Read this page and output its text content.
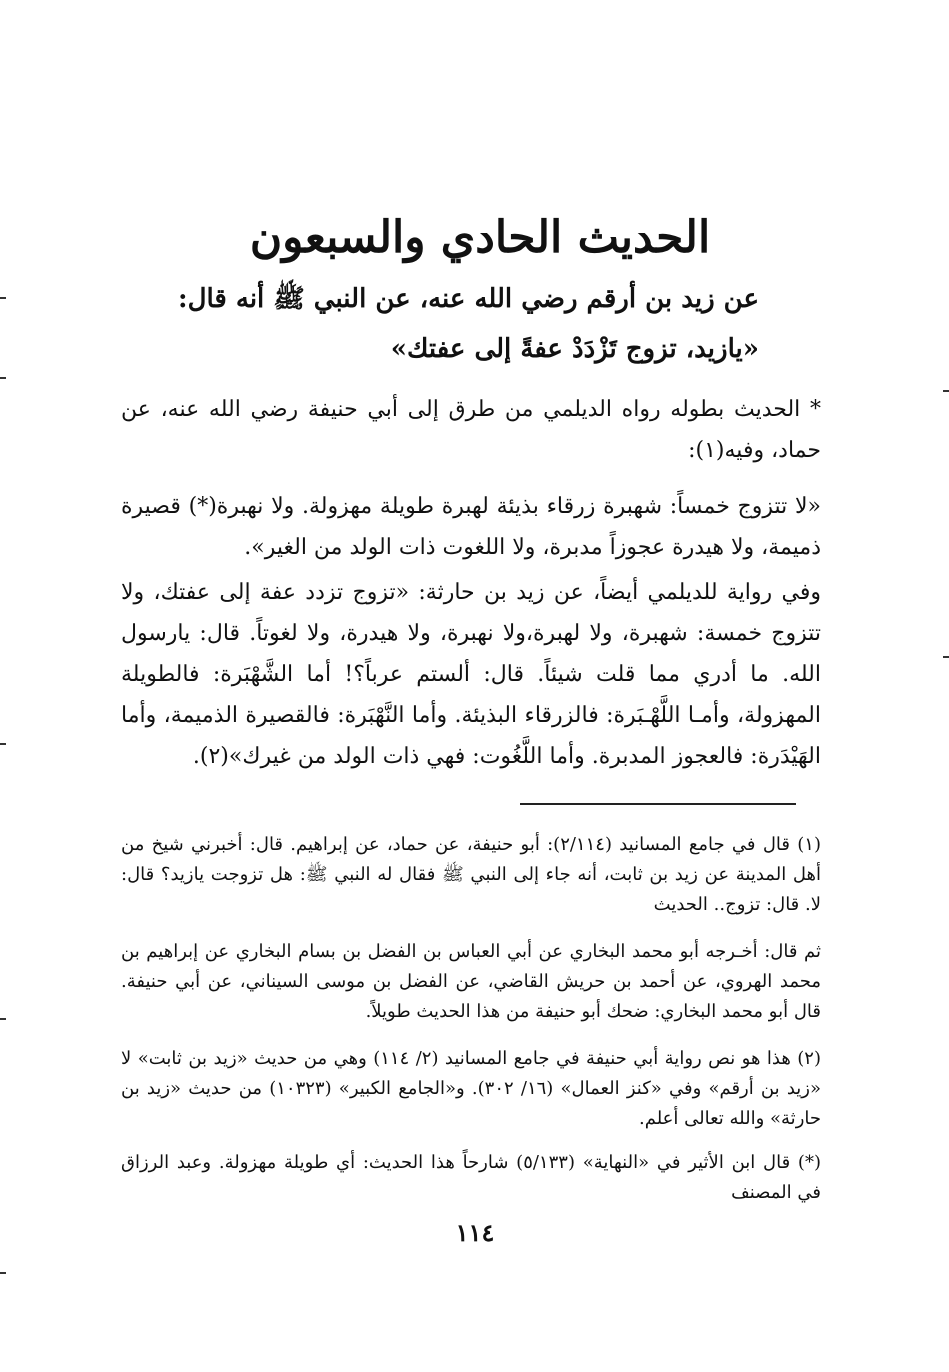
الحديث الحادي والسبعون
عن زيد بن أرقم رضي الله عنه، عن النبي ﷺ أنه قال:
«يازيد، تزوج تَزْدَدْ عفةً إلى عفتك»
* الحديث بطوله رواه الديلمي من طرق إلى أبي حنيفة رضي الله عنه، عن حماد، وفيه(١):
«لا تتزوج خمساً: شهبرة زرقاء بذيئة لهبرة طويلة مهزولة. ولا نهبرة(*) قصيرة ذميمة، ولا هيدرة عجوزاً مدبرة، ولا اللغوت ذات الولد من الغير».
وفي رواية للديلمي أيضاً، عن زيد بن حارثة: «تزوج تزدد عفة إلى عفتك، ولا تتزوج خمسة: شهبرة، ولا لهبرة،ولا نهبرة، ولا هيدرة، ولا لغوتاً. قال: يارسول الله. ما أدري مما قلت شيئاً. قال: ألستم عرباً؟! أما الشَّهْبَرة: فالطويلة المهزولة، وأمـا اللَّهْـبَرة: فالزرقاء البذيئة. وأما النَّهْبَرة: فالقصيرة الذميمة، وأما الهَيْدَرة: فالعجوز المدبرة. وأما اللَّغُوت: فهي ذات الولد من غيرك»(٢).
(١) قال في جامع المسانيد (٢/١١٤): أبو حنيفة، عن حماد، عن إبراهيم. قال: أخبرني شيخ من أهل المدينة عن زيد بن ثابت، أنه جاء إلى النبي ﷺ فقال له النبي ﷺ: هل تزوجت يازيد؟ قال: لا. قال: تزوج.. الحديث
ثم قال: أخـرجه أبو محمد البخاري عن أبي العباس بن الفضل بن بسام البخاري عن إبراهيم بن محمد الهروي، عن أحمد بن حريش القاضي، عن الفضل بن موسى السيناني، عن أبي حنيفة. قال أبو محمد البخاري: ضحك أبو حنيفة من هذا الحديث طويلاً.
(٢) هذا هو نص رواية أبي حنيفة في جامع المسانيد (٢/ ١١٤) وهي من حديث «زيد بن ثابت» لا «زيد بن أرقم» وفي «كنز العمال» (١٦/ ٣٠٢). و«الجامع الكبير» (١٠٣٢٣) من حديث «زيد بن حارثة» والله تعالى أعلم.
(*) قال ابن الأثير في «النهاية» (٥/١٣٣) شارحاً هذا الحديث: أي طويلة مهزولة. وعبد الرزاق في المصنف
١١٤
